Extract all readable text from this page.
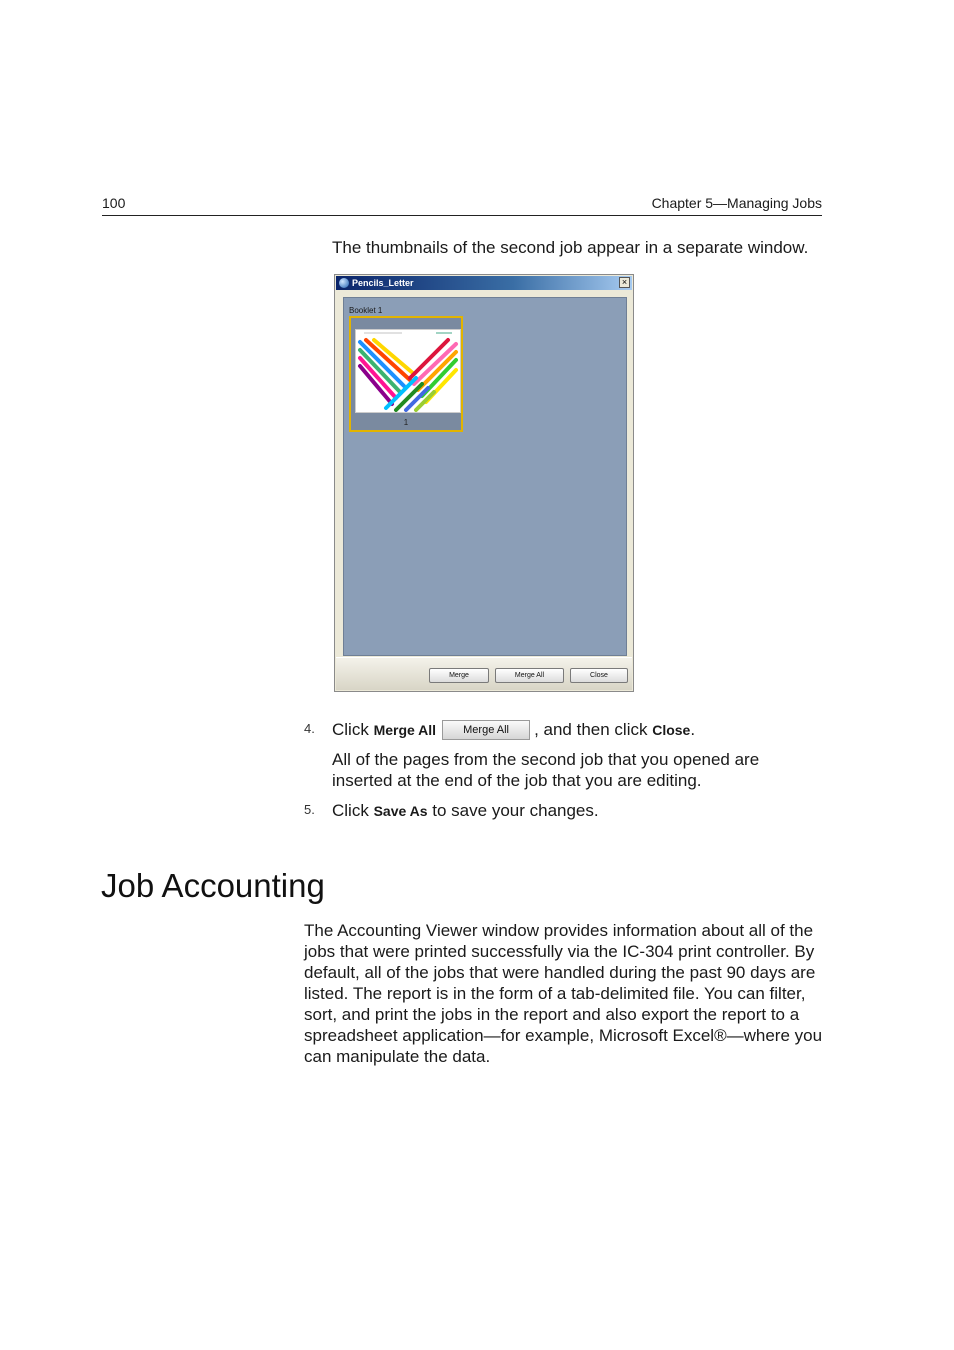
100	Chapter 5—Managing Jobs
The thumbnails of the second job appear in a separate window.
Pencils_Letter	×
Booklet 1
1
Merge	Merge All	Close
4. Click Merge All Merge All , and then click Close.
All of the pages from the second job that you opened are inserted at the end of the job that you are editing.
5. Click Save As to save your changes.
Job Accounting
The Accounting Viewer window provides information about all of the jobs that were printed successfully via the IC-304 print controller. By default, all of the jobs that were handled during the past 90 days are listed. The report is in the form of a tab-delimited file. You can filter, sort, and print the jobs in the report and also export the report to a spreadsheet application—for example, Microsoft Excel®—where you can manipulate the data.
